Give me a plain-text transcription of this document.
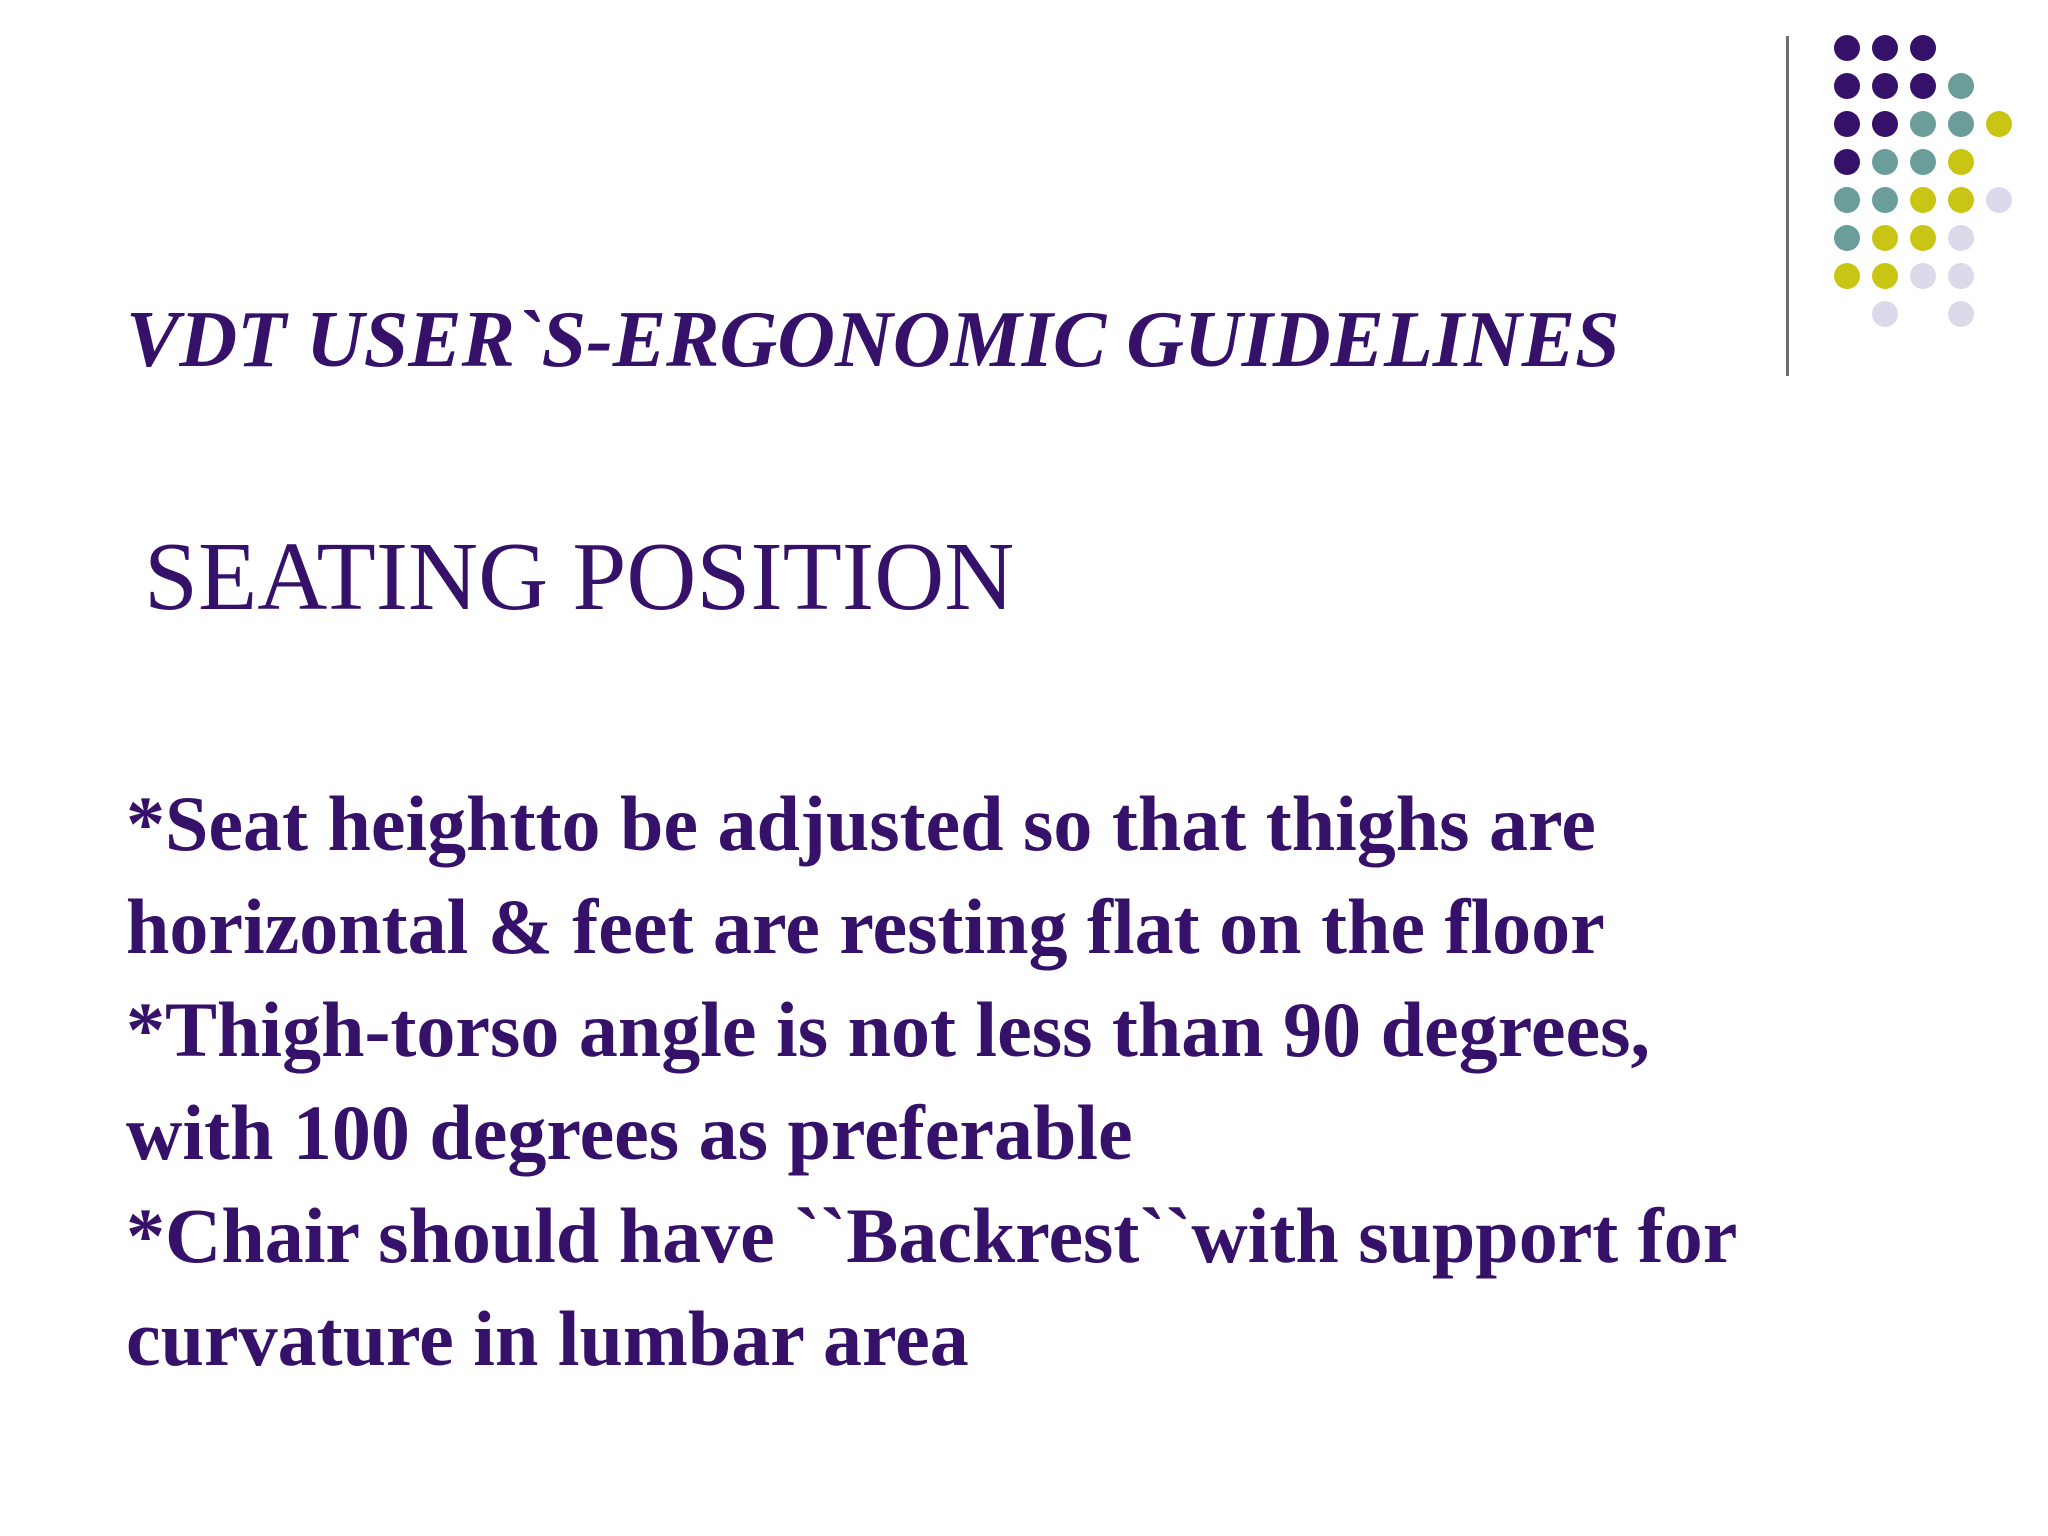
VDT USER`S-ERGONOMIC GUIDELINES
SEATING POSITION
*Seat heightto be adjusted so that thighs are
horizontal & feet are resting flat on the floor
*Thigh-torso angle is not less than 90 degrees,
with 100 degrees as preferable
*Chair should have ``Backrest``with support for
curvature in lumbar area
